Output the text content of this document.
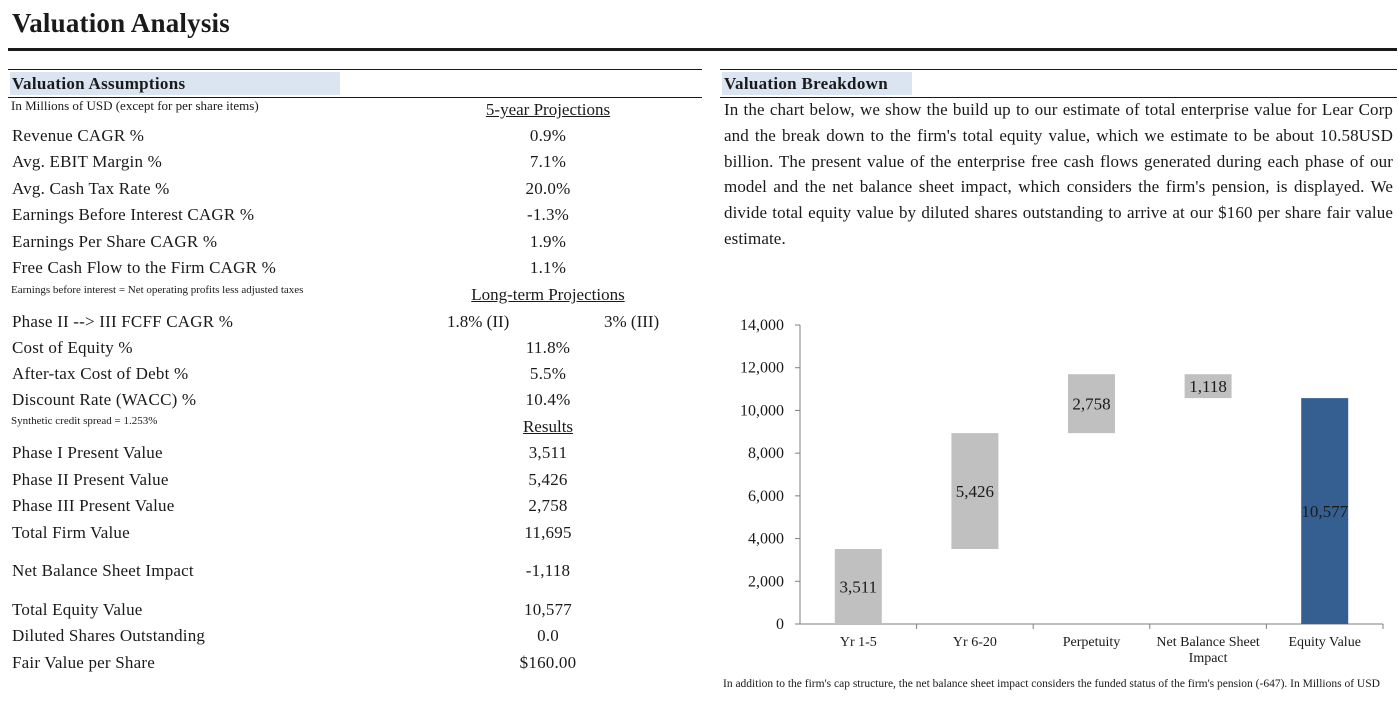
Valuation Analysis
Valuation Assumptions
In Millions of USD (except for per share items)	5-year Projections
Revenue CAGR %	0.9%
Avg. EBIT Margin %	7.1%
Avg. Cash Tax Rate %	20.0%
Earnings Before Interest CAGR %	-1.3%
Earnings Per Share CAGR %	1.9%
Free Cash Flow to the Firm CAGR %	1.1%
Earnings before interest = Net operating profits less adjusted taxes	Long-term Projections
Phase II --> III FCFF CAGR %	1.8% (II)	3% (III)
Cost of Equity %	11.8%
After-tax Cost of Debt %	5.5%
Discount Rate (WACC) %	10.4%
Synthetic credit spread = 1.253%	Results
Phase I Present Value	3,511
Phase II Present Value	5,426
Phase III Present Value	2,758
Total Firm Value	11,695
Net Balance Sheet Impact	-1,118
Total Equity Value	10,577
Diluted Shares Outstanding	0.0
Fair Value per Share	$160.00
Valuation Breakdown
In the chart below, we show the build up to our estimate of total enterprise value for Lear Corp and the break down to the firm's total equity value, which we estimate to be about 10.58USD billion. The present value of the enterprise free cash flows generated during each phase of our model and the net balance sheet impact, which considers the firm's pension, is displayed. We divide total equity value by diluted shares outstanding to arrive at our $160 per share fair value estimate.
0
2,000
4,000
6,000
8,000
10,000
12,000
14,000
3,511
Yr 1-5
5,426
Yr 6-20
2,758
Perpetuity
1,118
Net Balance Sheet
Impact
10,577
Equity Value
In addition to the firm's cap structure, the net balance sheet impact considers the funded status of the firm's pension (-647). In Millions of USD
